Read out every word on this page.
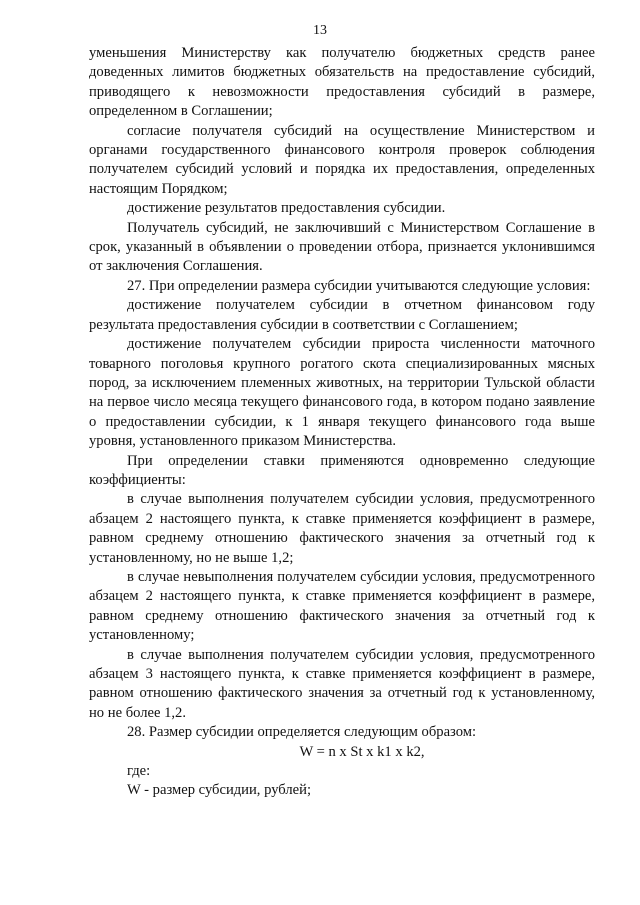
13

уменьшения Министерству как получателю бюджетных средств ранее доведенных лимитов бюджетных обязательств на предоставление субсидий, приводящего к невозможности предоставления субсидий в размере, определенном в Соглашении;

согласие получателя субсидий на осуществление Министерством и органами государственного финансового контроля проверок соблюдения получателем субсидий условий и порядка их предоставления, определенных настоящим Порядком;

достижение результатов предоставления субсидии.

Получатель субсидий, не заключивший с Министерством Соглашение в срок, указанный в объявлении о проведении отбора, признается уклонившимся от заключения Соглашения.

27. При определении размера субсидии учитываются следующие условия:

достижение получателем субсидии в отчетном финансовом году результата предоставления субсидии в соответствии с Соглашением;

достижение получателем субсидии прироста численности маточного товарного поголовья крупного рогатого скота специализированных мясных пород, за исключением племенных животных, на территории Тульской области на первое число месяца текущего финансового года, в котором подано заявление о предоставлении субсидии, к 1 января текущего финансового года выше уровня, установленного приказом Министерства.

При определении ставки применяются одновременно следующие коэффициенты:

в случае выполнения получателем субсидии условия, предусмотренного абзацем 2 настоящего пункта, к ставке применяется коэффициент в размере, равном среднему отношению фактического значения за отчетный год к установленному, но не выше 1,2;

в случае невыполнения получателем субсидии условия, предусмотренного абзацем 2 настоящего пункта, к ставке применяется коэффициент в размере, равном среднему отношению фактического значения за отчетный год к установленному;

в случае выполнения получателем субсидии условия, предусмотренного абзацем 3 настоящего пункта, к ставке применяется коэффициент в размере, равном отношению фактического значения за отчетный год к установленному, но не более 1,2.

28. Размер субсидии определяется следующим образом:

W = n x St x k1 x k2,

где:

W - размер субсидии, рублей;
